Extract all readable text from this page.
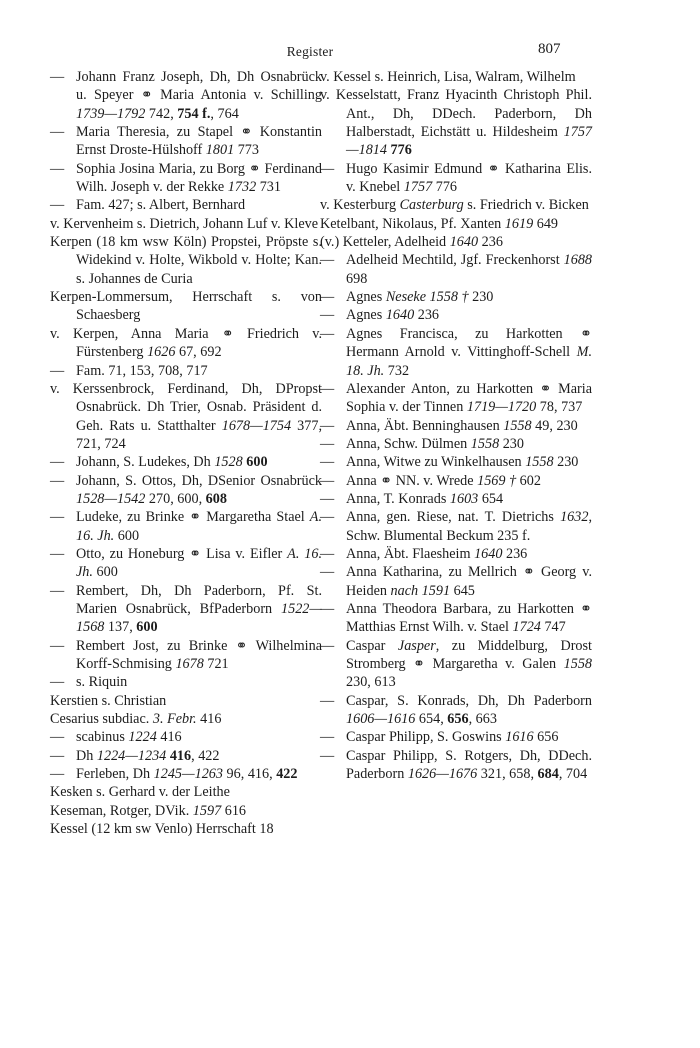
Register	807

— Johann Franz Joseph, Dh, Dh Osnabrück u. Speyer ⚭ Maria Antonia v. Schilling 1739—1792 742, 754 f., 764

— Maria Theresia, zu Stapel ⚭ Konstantin Ernst Droste-Hülshoff 1801 773

— Sophia Josina Maria, zu Borg ⚭ Ferdinand Wilh. Joseph v. der Rekke 1732 731

— Fam. 427; s. Albert, Bernhard

v. Kervenheim s. Dietrich, Johann Luf v. Kleve

Kerpen (18 km wsw Köln) Propstei, Pröpste s. Widekind v. Holte, Wikbold v. Holte; Kan. s. Johannes de Curia

Kerpen-Lommersum, Herrschaft s. von Schaesberg

v. Kerpen, Anna Maria ⚭ Friedrich v. Fürstenberg 1626 67, 692

— Fam. 71, 153, 708, 717

v. Kerssenbrock, Ferdinand, Dh, DPropst Osnabrück. Dh Trier, Osnab. Präsident d. Geh. Rats u. Statthalter 1678—1754 377, 721, 724

— Johann, S. Ludekes, Dh 1528 600

— Johann, S. Ottos, Dh, DSenior Osnabrück 1528—1542 270, 600, 608

— Ludeke, zu Brinke ⚭ Margaretha Stael A. 16. Jh. 600

— Otto, zu Honeburg ⚭ Lisa v. Eifler A. 16. Jh. 600

— Rembert, Dh, Dh Paderborn, Pf. St. Marien Osnabrück, BfPaderborn 1522—1568 137, 600

— Rembert Jost, zu Brinke ⚭ Wilhelmina Korff-Schmising 1678 721

— s. Riquin

Kerstien s. Christian

Cesarius subdiac. 3. Febr. 416

— scabinus 1224 416

— Dh 1224—1234 416, 422

— Ferleben, Dh 1245—1263 96, 416, 422

Kesken s. Gerhard v. der Leithe

Keseman, Rotger, DVik. 1597 616

Kessel (12 km sw Venlo) Herrschaft 18

v. Kessel s. Heinrich, Lisa, Walram, Wilhelm

v. Kesselstatt, Franz Hyacinth Christoph Phil. Ant., Dh, DDech. Paderborn, Dh Halberstadt, Eichstätt u. Hildesheim 1757—1814 776

— Hugo Kasimir Edmund ⚭ Katharina Elis. v. Knebel 1757 776

v. Kesterburg Casterburg s. Friedrich v. Bicken

Ketelbant, Nikolaus, Pf. Xanten 1619 649

(v.) Ketteler, Adelheid 1640 236

— Adelheid Mechtild, Jgf. Freckenhorst 1688 698

— Agnes Neseke 1558 † 230

— Agnes 1640 236

— Agnes Francisca, zu Harkotten ⚭ Hermann Arnold v. Vittinghoff-Schell M. 18. Jh. 732

— Alexander Anton, zu Harkotten ⚭ Maria Sophia v. der Tinnen 1719—1720 78, 737

— Anna, Äbt. Benninghausen 1558 49, 230

— Anna, Schw. Dülmen 1558 230

— Anna, Witwe zu Winkelhausen 1558 230

— Anna ⚭ NN. v. Wrede 1569 † 602

— Anna, T. Konrads 1603 654

— Anna, gen. Riese, nat. T. Dietrichs 1632, Schw. Blumental Beckum 235 f.

— Anna, Äbt. Flaesheim 1640 236

— Anna Katharina, zu Mellrich ⚭ Georg v. Heiden nach 1591 645

— Anna Theodora Barbara, zu Harkotten ⚭ Matthias Ernst Wilh. v. Stael 1724 747

— Caspar Jasper, zu Middelburg, Drost Stromberg ⚭ Margaretha v. Galen 1558 230, 613

— Caspar, S. Konrads, Dh, Dh Paderborn 1606—1616 654, 656, 663

— Caspar Philipp, S. Goswins 1616 656

— Caspar Philipp, S. Rotgers, Dh, DDech. Paderborn 1626—1676 321, 658, 684, 704
